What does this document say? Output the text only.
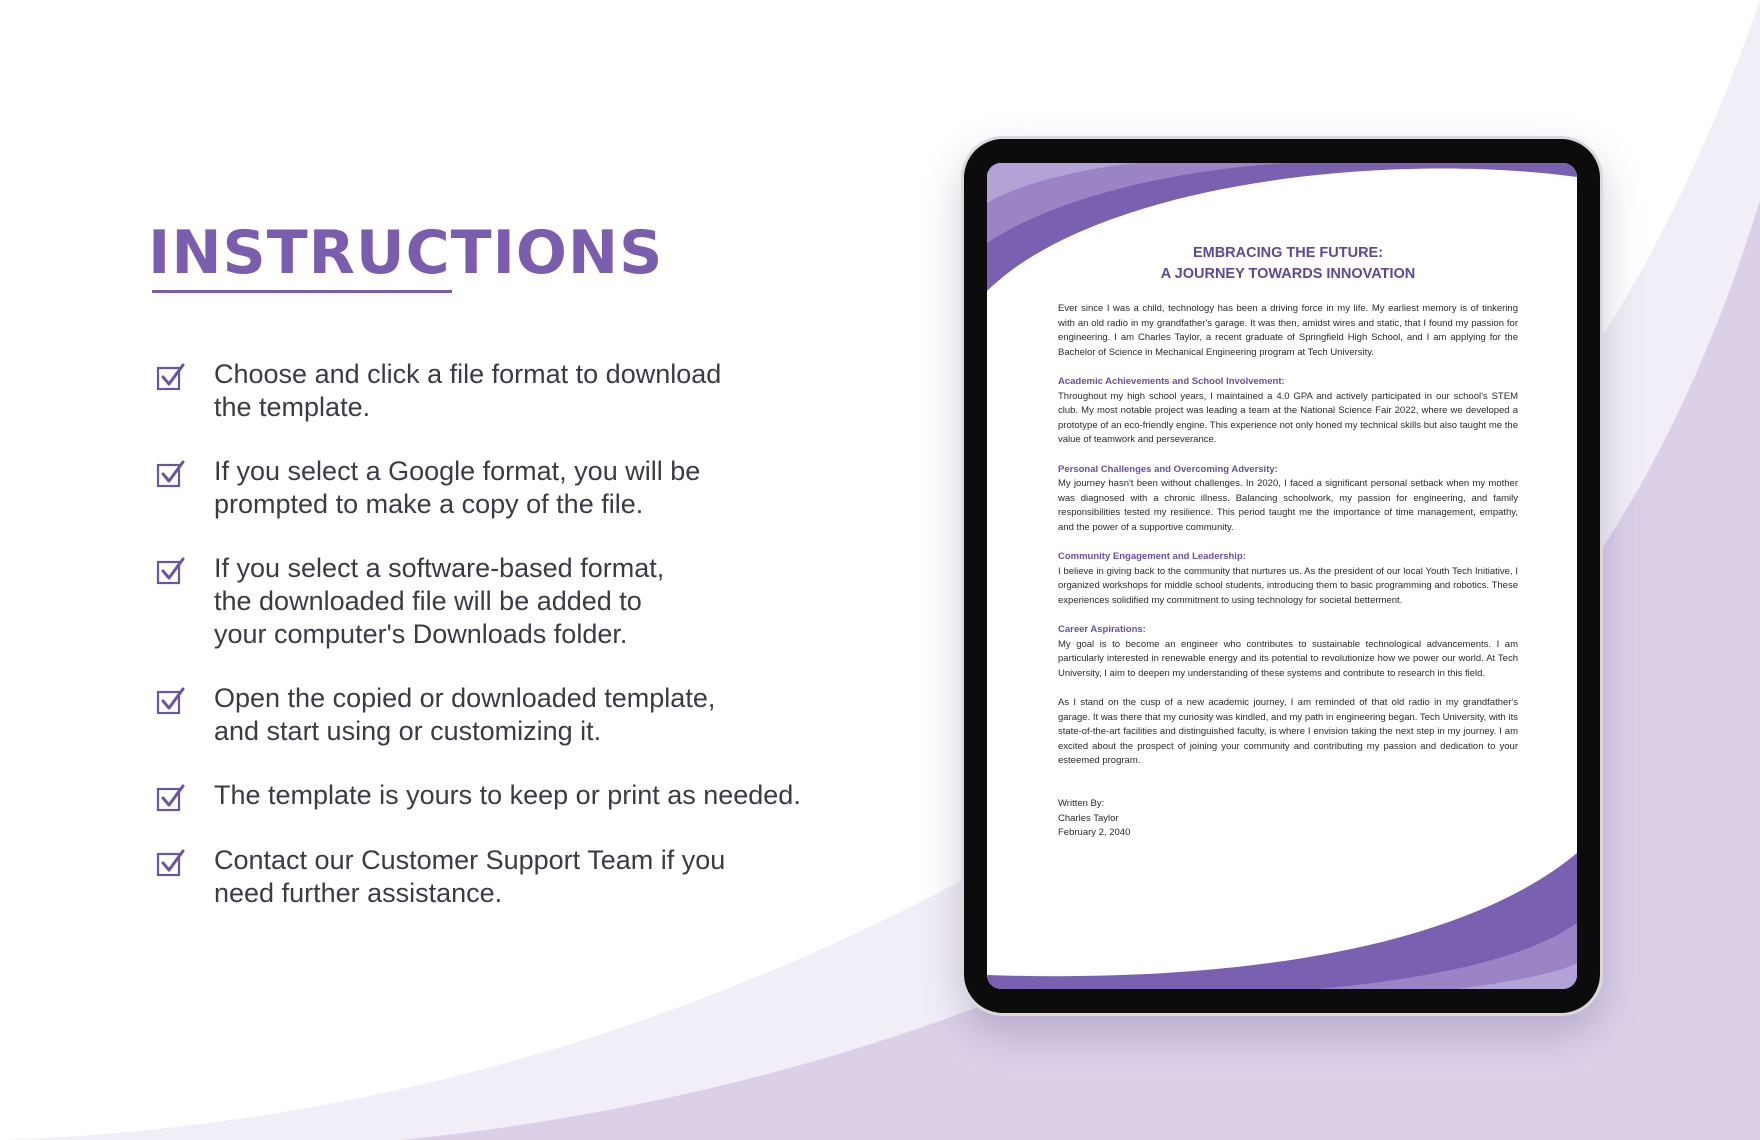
INSTRUCTIONS
Choose and click a file format to download
the template.
If you select a Google format, you will be
prompted to make a copy of the file.
If you select a software-based format,
the downloaded file will be added to
your computer's Downloads folder.
Open the copied or downloaded template,
and start using or customizing it.
The template is yours to keep or print as needed.
Contact our Customer Support Team if you
need further assistance.
EMBRACING THE FUTURE:
A JOURNEY TOWARDS INNOVATION

Ever since I was a child, technology has been a driving force in my life. My earliest memory is of tinkering with an old radio in my grandfather's garage. It was then, amidst wires and static, that I found my passion for engineering. I am Charles Taylor, a recent graduate of Springfield High School, and I am applying for the Bachelor of Science in Mechanical Engineering program at Tech University.

Academic Achievements and School Involvement:

Throughout my high school years, I maintained a 4.0 GPA and actively participated in our school's STEM club. My most notable project was leading a team at the National Science Fair 2022, where we developed a prototype of an eco-friendly engine. This experience not only honed my technical skills but also taught me the value of teamwork and perseverance.

Personal Challenges and Overcoming Adversity:

My journey hasn't been without challenges. In 2020, I faced a significant personal setback when my mother was diagnosed with a chronic illness. Balancing schoolwork, my passion for engineering, and family responsibilities tested my resilience. This period taught me the importance of time management, empathy, and the power of a supportive community.

Community Engagement and Leadership:

I believe in giving back to the community that nurtures us. As the president of our local Youth Tech Initiative, I organized workshops for middle school students, introducing them to basic programming and robotics. These experiences solidified my commitment to using technology for societal betterment.

Career Aspirations:

My goal is to become an engineer who contributes to sustainable technological advancements. I am particularly interested in renewable energy and its potential to revolutionize how we power our world. At Tech University, I aim to deepen my understanding of these systems and contribute to research in this field.

As I stand on the cusp of a new academic journey, I am reminded of that old radio in my grandfather's garage. It was there that my curiosity was kindled, and my path in engineering began. Tech University, with its state-of-the-art facilities and distinguished faculty, is where I envision taking the next step in my journey. I am excited about the prospect of joining your community and contributing my passion and dedication to your esteemed program.

Written By:
Charles Taylor
February 2, 2040
